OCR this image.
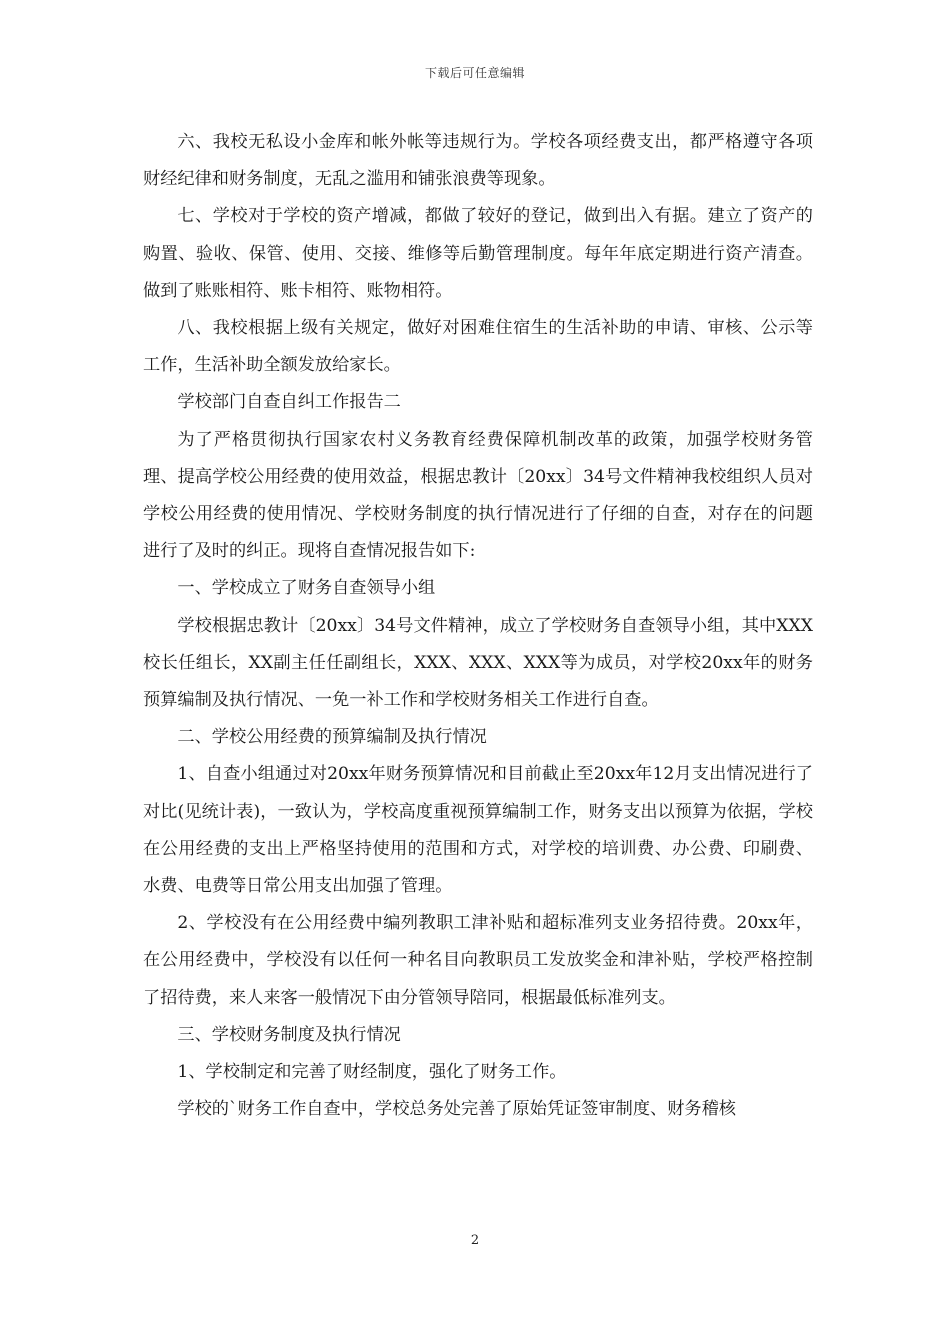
下载后可任意编辑

六、我校无私设小金库和帐外帐等违规行为。学校各项经费支出，都严格遵守各项财经纪律和财务制度，无乱之滥用和铺张浪费等现象。

七、学校对于学校的资产增减，都做了较好的登记，做到出入有据。建立了资产的购置、验收、保管、使用、交接、维修等后勤管理制度。每年年底定期进行资产清查。做到了账账相符、账卡相符、账物相符。

八、我校根据上级有关规定，做好对困难住宿生的生活补助的申请、审核、公示等工作，生活补助全额发放给家长。

学校部门自查自纠工作报告二

为了严格贯彻执行国家农村义务教育经费保障机制改革的政策，加强学校财务管理、提高学校公用经费的使用效益，根据忠教计〔20xx〕34号文件精神我校组织人员对学校公用经费的使用情况、学校财务制度的执行情况进行了仔细的自查，对存在的问题进行了及时的纠正。现将自查情况报告如下:

一、学校成立了财务自查领导小组

学校根据忠教计〔20xx〕34号文件精神，成立了学校财务自查领导小组，其中XXX校长任组长，XX副主任任副组长，XXX、XXX、XXX等为成员，对学校20xx年的财务预算编制及执行情况、一免一补工作和学校财务相关工作进行自查。

二、学校公用经费的预算编制及执行情况

1、自查小组通过对20xx年财务预算情况和目前截止至20xx年12月支出情况进行了对比(见统计表)，一致认为，学校高度重视预算编制工作，财务支出以预算为依据，学校在公用经费的支出上严格坚持使用的范围和方式，对学校的培训费、办公费、印刷费、水费、电费等日常公用支出加强了管理。

2、学校没有在公用经费中编列教职工津补贴和超标准列支业务招待费。20xx年，在公用经费中，学校没有以任何一种名目向教职员工发放奖金和津补贴，学校严格控制了招待费，来人来客一般情况下由分管领导陪同，根据最低标准列支。

三、学校财务制度及执行情况

1、学校制定和完善了财经制度，强化了财务工作。

学校的`财务工作自查中，学校总务处完善了原始凭证签审制度、财务稽核

2
